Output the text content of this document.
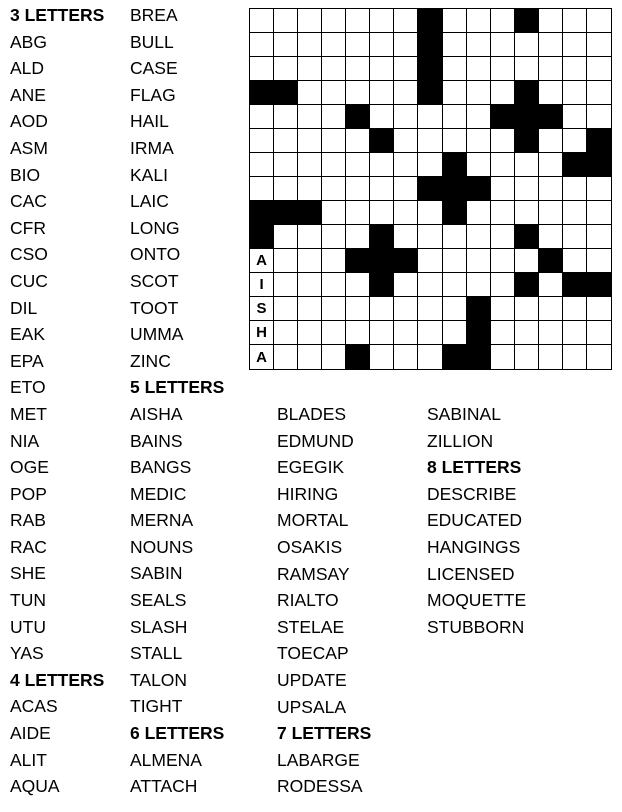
3 LETTERS
ABG
ALD
ANE
AOD
ASM
BIO
CAC
CFR
CSO
CUC
DIL
EAK
EPA
ETO
MET
NIA
OGE
POP
RAB
RAC
SHE
TUN
UTU
YAS
4 LETTERS
ACAS
AIDE
ALIT
AQUA
BREA
BULL
CASE
FLAG
HAIL
IRMA
KALI
LAIC
LONG
ONTO
SCOT
TOOT
UMMA
ZINC
5 LETTERS
AISHA
BAINS
BANGS
MEDIC
MERNA
NOUNS
SABIN
SEALS
SLASH
STALL
TALON
TIGHT
6 LETTERS
ALMENA
ATTACH
BLADES
EDMUND
EGEGIK
HIRING
MORTAL
OSAKIS
RAMSAY
RIALTO
STELAE
TOECAP
UPDATE
UPSALA
7 LETTERS
LABARGE
RODESSA
SABINAL
ZILLION
8 LETTERS
DESCRIBE
EDUCATED
HANGINGS
LICENSED
MOQUETTE
STUBBORN
A
I
S
H
A
